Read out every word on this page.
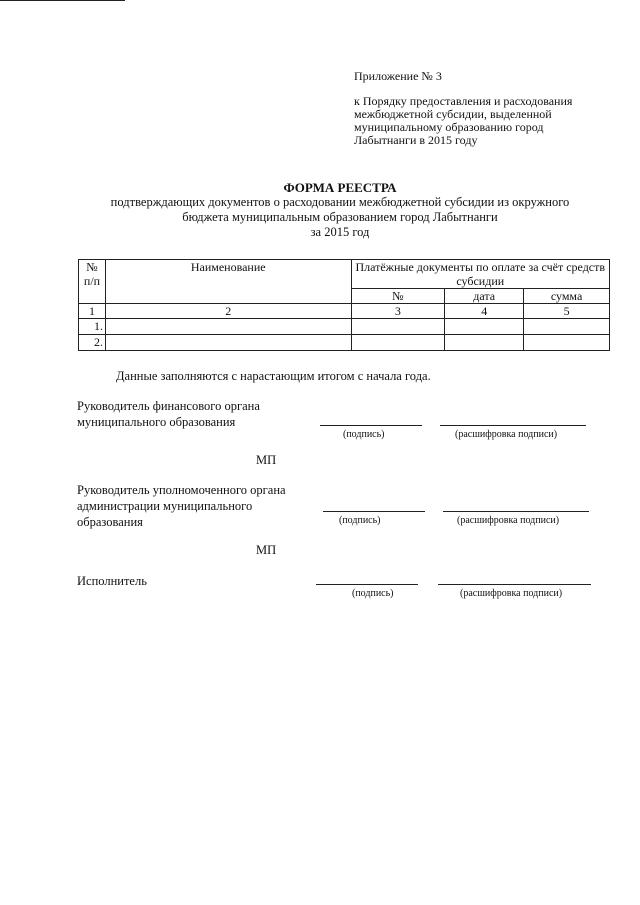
Приложение № 3
к Порядку предоставления и расходования
межбюджетной субсидии, выделенной
муниципальному образованию город
Лабытнанги в 2015 году
ФОРМА РЕЕСТРА
подтверждающих документов о расходовании межбюджетной субсидии из окружного
бюджета муниципальным образованием город Лабытнанги
за 2015 год
№ п/п	Наименование	Платёжные документы по оплате за счёт средств субсидии		
		№	дата	сумма
1	2	3	4	5
1.				
2.				
Данные заполняются с нарастающим итогом с начала года.
Руководитель финансового органа муниципального образования
(подпись)	(расшифровка подписи)
МП
Руководитель уполномоченного органа администрации муниципального образования	(подпись)	(расшифровка подписи)
МП
Исполнитель
(подпись)	(расшифровка подписи)
